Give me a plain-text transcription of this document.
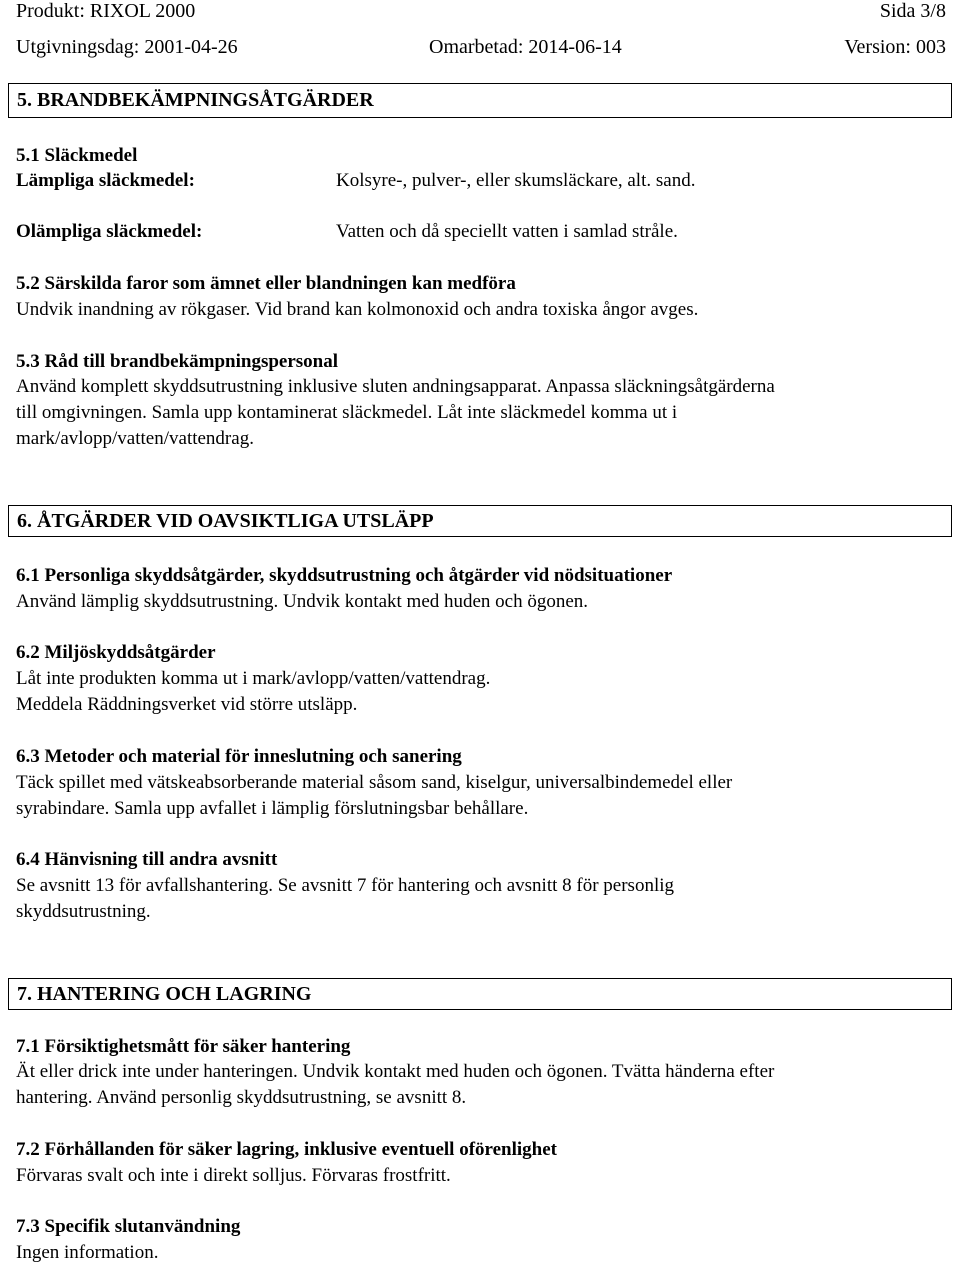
Produkt: RIXOL 2000	Sida 3/8
Utgivningsdag: 2001-04-26	Omarbetad: 2014-06-14	Version: 003
5. BRANDBEKÄMPNINGSÅTGÄRDER
5.1 Släckmedel
Lämpliga släckmedel:	Kolsyre-, pulver-, eller skumsläckare, alt. sand.
Olämpliga släckmedel:	Vatten och då speciellt vatten i samlad stråle.
5.2 Särskilda faror som ämnet eller blandningen kan medföra
Undvik inandning av rökgaser. Vid brand kan kolmonoxid och andra toxiska ångor avges.
5.3 Råd till brandbekämpningspersonal
Använd komplett skyddsutrustning inklusive sluten andningsapparat. Anpassa släckningsåtgärderna
till omgivningen. Samla upp kontaminerat släckmedel. Låt inte släckmedel komma ut i
mark/avlopp/vatten/vattendrag.
6. ÅTGÄRDER VID OAVSIKTLIGA UTSLÄPP
6.1 Personliga skyddsåtgärder, skyddsutrustning och åtgärder vid nödsituationer
Använd lämplig skyddsutrustning. Undvik kontakt med huden och ögonen.
6.2 Miljöskyddsåtgärder
Låt inte produkten komma ut i mark/avlopp/vatten/vattendrag.
Meddela Räddningsverket vid större utsläpp.
6.3 Metoder och material för inneslutning och sanering
Täck spillet med vätskeabsorberande material såsom sand, kiselgur, universalbindemedel eller
syrabindare. Samla upp avfallet i lämplig förslutningsbar behållare.
6.4 Hänvisning till andra avsnitt
Se avsnitt 13 för avfallshantering. Se avsnitt 7 för hantering och avsnitt 8 för personlig
skyddsutrustning.
7. HANTERING OCH LAGRING
7.1 Försiktighetsmått för säker hantering
Ät eller drick inte under hanteringen. Undvik kontakt med huden och ögonen. Tvätta händerna efter
hantering. Använd personlig skyddsutrustning, se avsnitt 8.
7.2 Förhållanden för säker lagring, inklusive eventuell oförenlighet
Förvaras svalt och inte i direkt solljus. Förvaras frostfritt.
7.3 Specifik slutanvändning
Ingen information.
